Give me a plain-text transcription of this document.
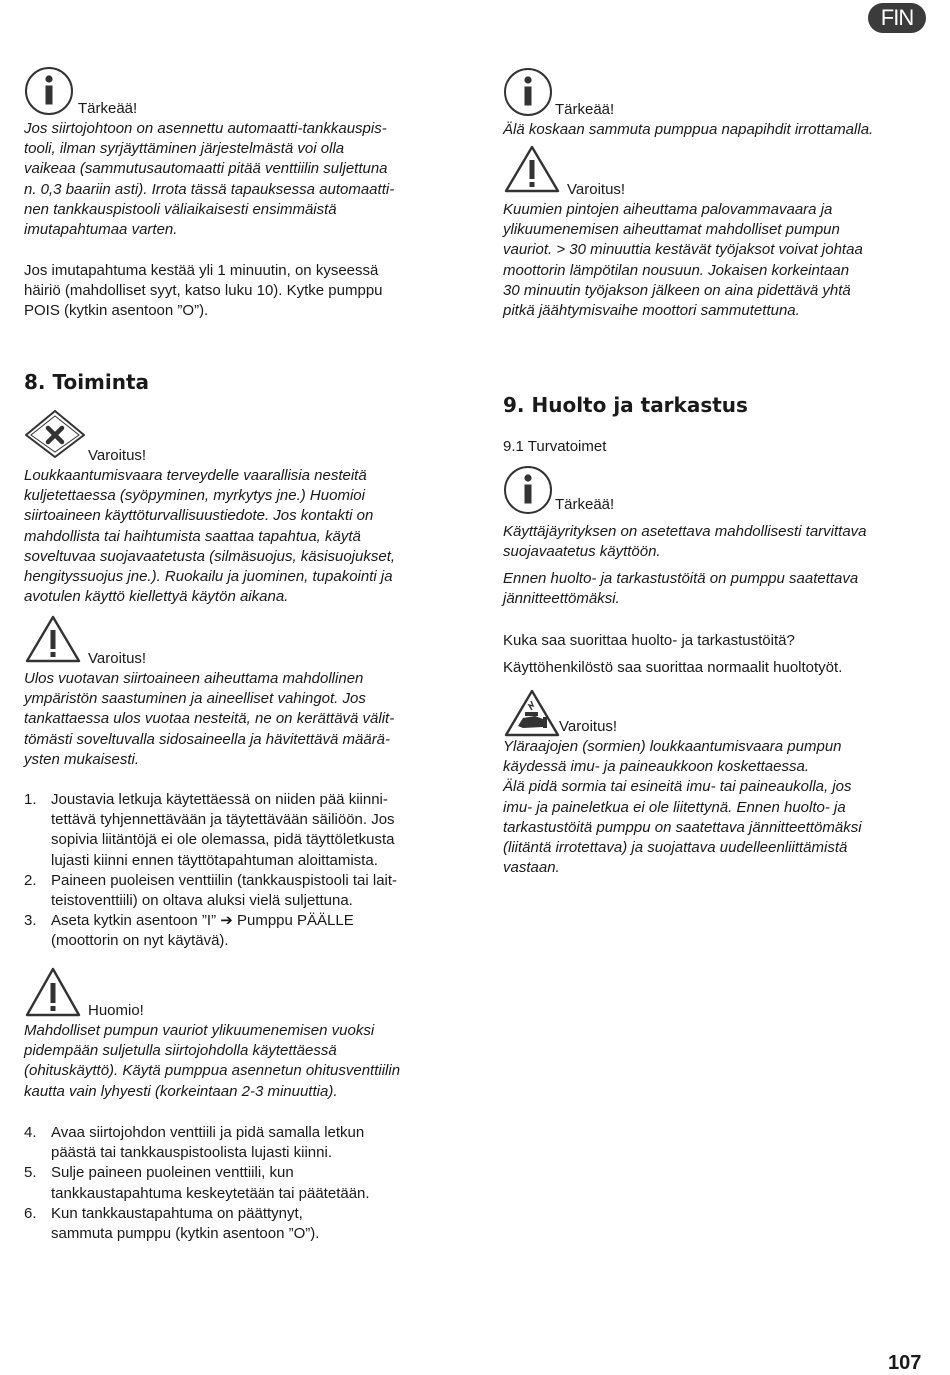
FIN
Tärkeää!

Jos siirtojohtoon on asennettu automaatti-tankkauspis-
tooli, ilman syrjäyttäminen järjestelmästä voi olla
vaikeaa (sammutusautomaatti pitää venttiilin suljettuna
n. 0,3 baariin asti). Irrota tässä tapauksessa automaatti-
nen tankkauspistooli väliaikaisesti ensimmäistä
imutapahtumaa varten.

Jos imutapahtuma kestää yli 1 minuutin, on kyseessä
häiriö (mahdolliset syyt, katso luku 10). Kytke pumppu
POIS (kytkin asentoon ”O”).

8. Toiminta
Varoitus!

Loukkaantumisvaara terveydelle vaarallisia nesteitä
kuljetettaessa (syöpyminen, myrkytys jne.) Huomioi
siirtoaineen käyttöturvallisuustiedote. Jos kontakti on
mahdollista tai haihtumista saattaa tapahtua, käytä
soveltuvaa suojavaatetusta (silmäsuojus, käsisuojukset,
hengityssuojus jne.). Ruokailu ja juominen, tupakointi ja
avotulen käyttö kiellettyä käytön aikana.

Varoitus!

Ulos vuotavan siirtoaineen aiheuttama mahdollinen
ympäristön saastuminen ja aineelliset vahingot. Jos
tankattaessa ulos vuotaa nesteitä, ne on kerättävä välit-
tömästi soveltuvalla sidosaineella ja hävitettävä määrä-
ysten mukaisesti.

1. Joustavia letkuja käytettäessä on niiden pää kiinni-
tettävä tyhjennettävään ja täytettävään säiliöön. Jos
sopivia liitäntöjä ei ole olemassa, pidä täyttöletkusta
lujasti kiinni ennen täyttötapahtuman aloittamista.
2. Paineen puoleisen venttiilin (tankkauspistooli tai lait-
teistoventtiili) on oltava aluksi vielä suljettuna.
3. Aseta kytkin asentoon ”I” ➔ Pumppu PÄÄLLE
(moottorin on nyt käytävä).
Huomio!

Mahdolliset pumpun vauriot ylikuumenemisen vuoksi
pidempään suljetulla siirtojohdolla käytettäessä
(ohituskäyttö). Käytä pumppua asennetun ohitusventtiilin
kautta vain lyhyesti (korkeintaan 2-3 minuuttia).

4. Avaa siirtojohdon venttiili ja pidä samalla letkun
päästä tai tankkauspistoolista lujasti kiinni.
5. Sulje paineen puoleinen venttiili, kun
tankkaustapahtuma keskeytetään tai päätetään.
6. Kun tankkaustapahtuma on päättynyt,
sammuta pumppu (kytkin asentoon ”O”).
Tärkeää!

Älä koskaan sammuta pumppua napapihdit irrottamalla.

Varoitus!

Kuumien pintojen aiheuttama palovammavaara ja
ylikuumenemisen aiheuttamat mahdolliset pumpun
vauriot. > 30 minuuttia kestävät työjaksot voivat johtaa
moottorin lämpötilan nousuun. Jokaisen korkeintaan
30 minuutin työjakson jälkeen on aina pidettävä yhtä
pitkä jäähtymisvaihe moottori sammutettuna.

9. Huolto ja tarkastus
9.1 Turvatoimet
Tärkeää!

Käyttäjäyrityksen on asetettava mahdollisesti tarvittava
suojavaatetus käyttöön.

Ennen huolto- ja tarkastustöitä on pumppu saatettava
jännitteettömäksi.

Kuka saa suorittaa huolto- ja tarkastustöitä?

Käyttöhenkilöstö saa suorittaa normaalit huoltotyöt.

Varoitus!

Yläraajojen (sormien) loukkaantumisvaara pumpun
käydessä imu- ja paineaukkoon koskettaessa.
Älä pidä sormia tai esineitä imu- tai paineaukolla, jos
imu- ja paineletkua ei ole liitettynä. Ennen huolto- ja
tarkastustöitä pumppu on saatettava jännitteettömäksi
(liitäntä irrotettava) ja suojattava uudelleenliittämistä
vastaan.

107
